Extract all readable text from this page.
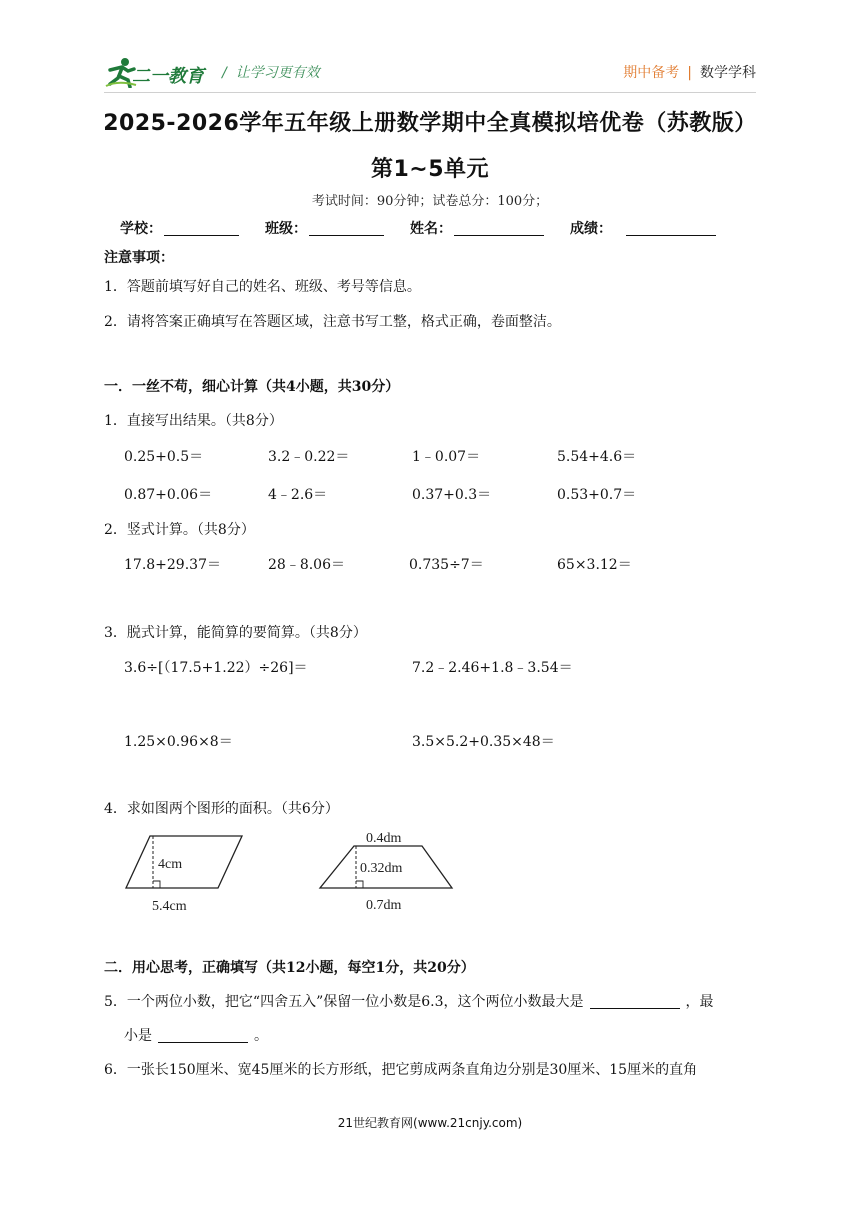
二一教育 /  让学习更有效	期中备考 | 数学学科
2025-2026学年五年级上册数学期中全真模拟培优卷（苏教版）
第1~5单元
考试时间：90分钟；试卷总分：100分；
学校：	班级：	姓名：	成绩：
注意事项：
1．答题前填写好自己的姓名、班级、考号等信息。
2．请将答案正确填写在答题区域，注意书写工整，格式正确，卷面整洁。
一．一丝不苟，细心计算（共4小题，共30分）
1．直接写出结果。（共8分）
0.25+0.5＝	3.2﹣0.22＝	1﹣0.07＝	5.54+4.6＝
0.87+0.06＝	4﹣2.6＝	0.37+0.3＝	0.53+0.7＝
2．竖式计算。（共8分）
17.8+29.37＝	28﹣8.06＝	0.735÷7＝	65×3.12＝
3．脱式计算，能简算的要简算。（共8分）
3.6÷[（17.5+1.22）÷26]＝	7.2﹣2.46+1.8﹣3.54＝
1.25×0.96×8＝	3.5×5.2+0.35×48＝
4．求如图两个图形的面积。（共6分）
4cm
5.4cm
0.4dm
0.32dm
0.7dm
二．用心思考，正确填写（共12小题，每空1分，共20分）
5．一个两位小数，把它“四舍五入”保留一位小数是6.3，这个两位小数最大是	，最
小是	。
6．一张长150厘米、宽45厘米的长方形纸，把它剪成两条直角边分别是30厘米、15厘米的直角
21世纪教育网(www.21cnjy.com)
